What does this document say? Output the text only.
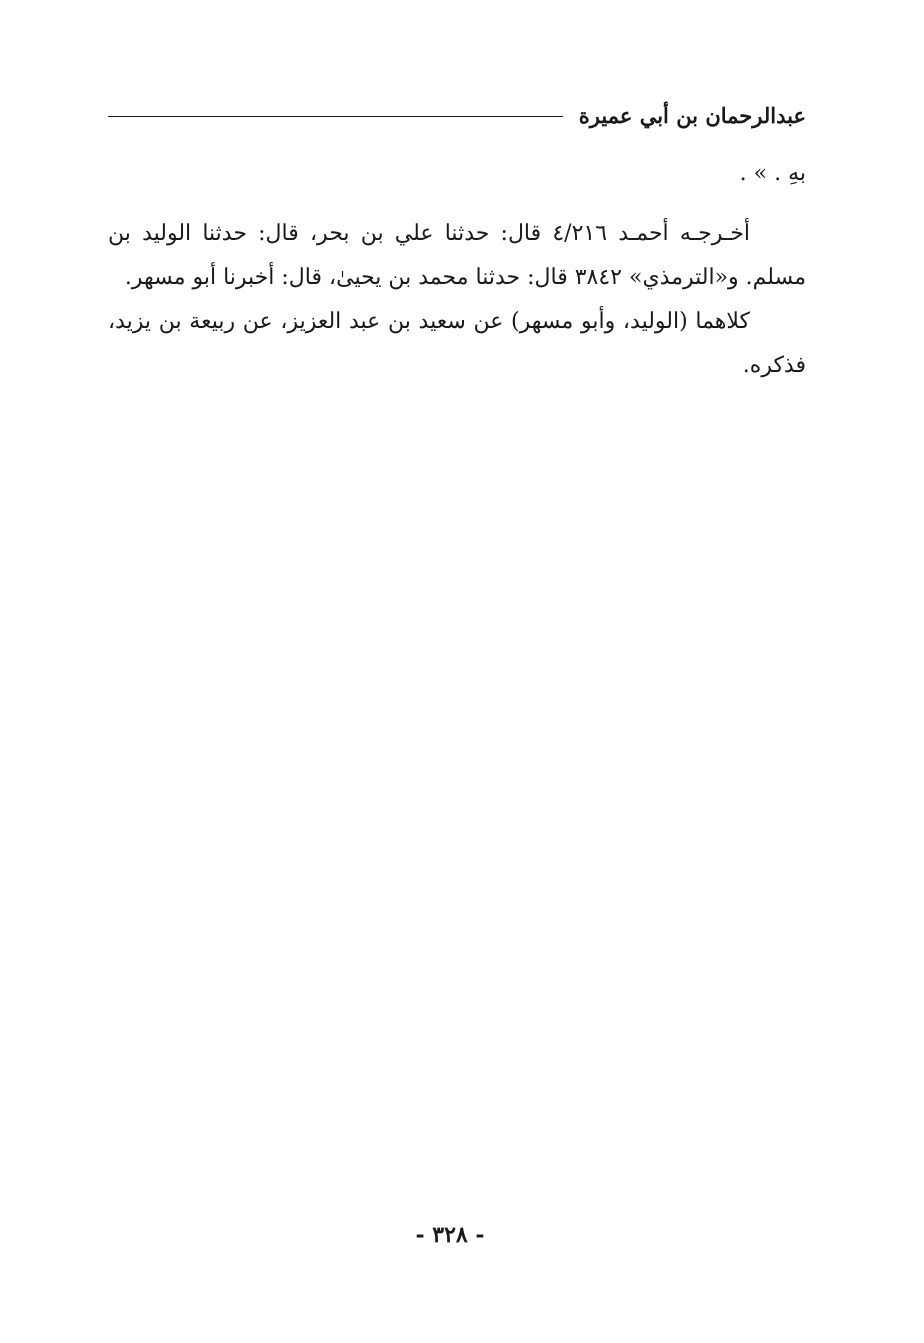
عبدالرحمان بن أبي عميرة

بهِ . » .

أخـرجـه أحمـد ٤/٢١٦ قال: حدثنا علي بن بحر، قال: حدثنا الوليد بن مسلم. و«الترمذي» ٣٨٤٢ قال: حدثنا محمد بن يحيىٰ، قال: أخبرنا أبو مسهر.

كلاهما (الوليد، وأبو مسهر) عن سعيد بن عبد العزيز، عن ربيعة بن يزيد، فذكره.

- ٣٢٨ -
